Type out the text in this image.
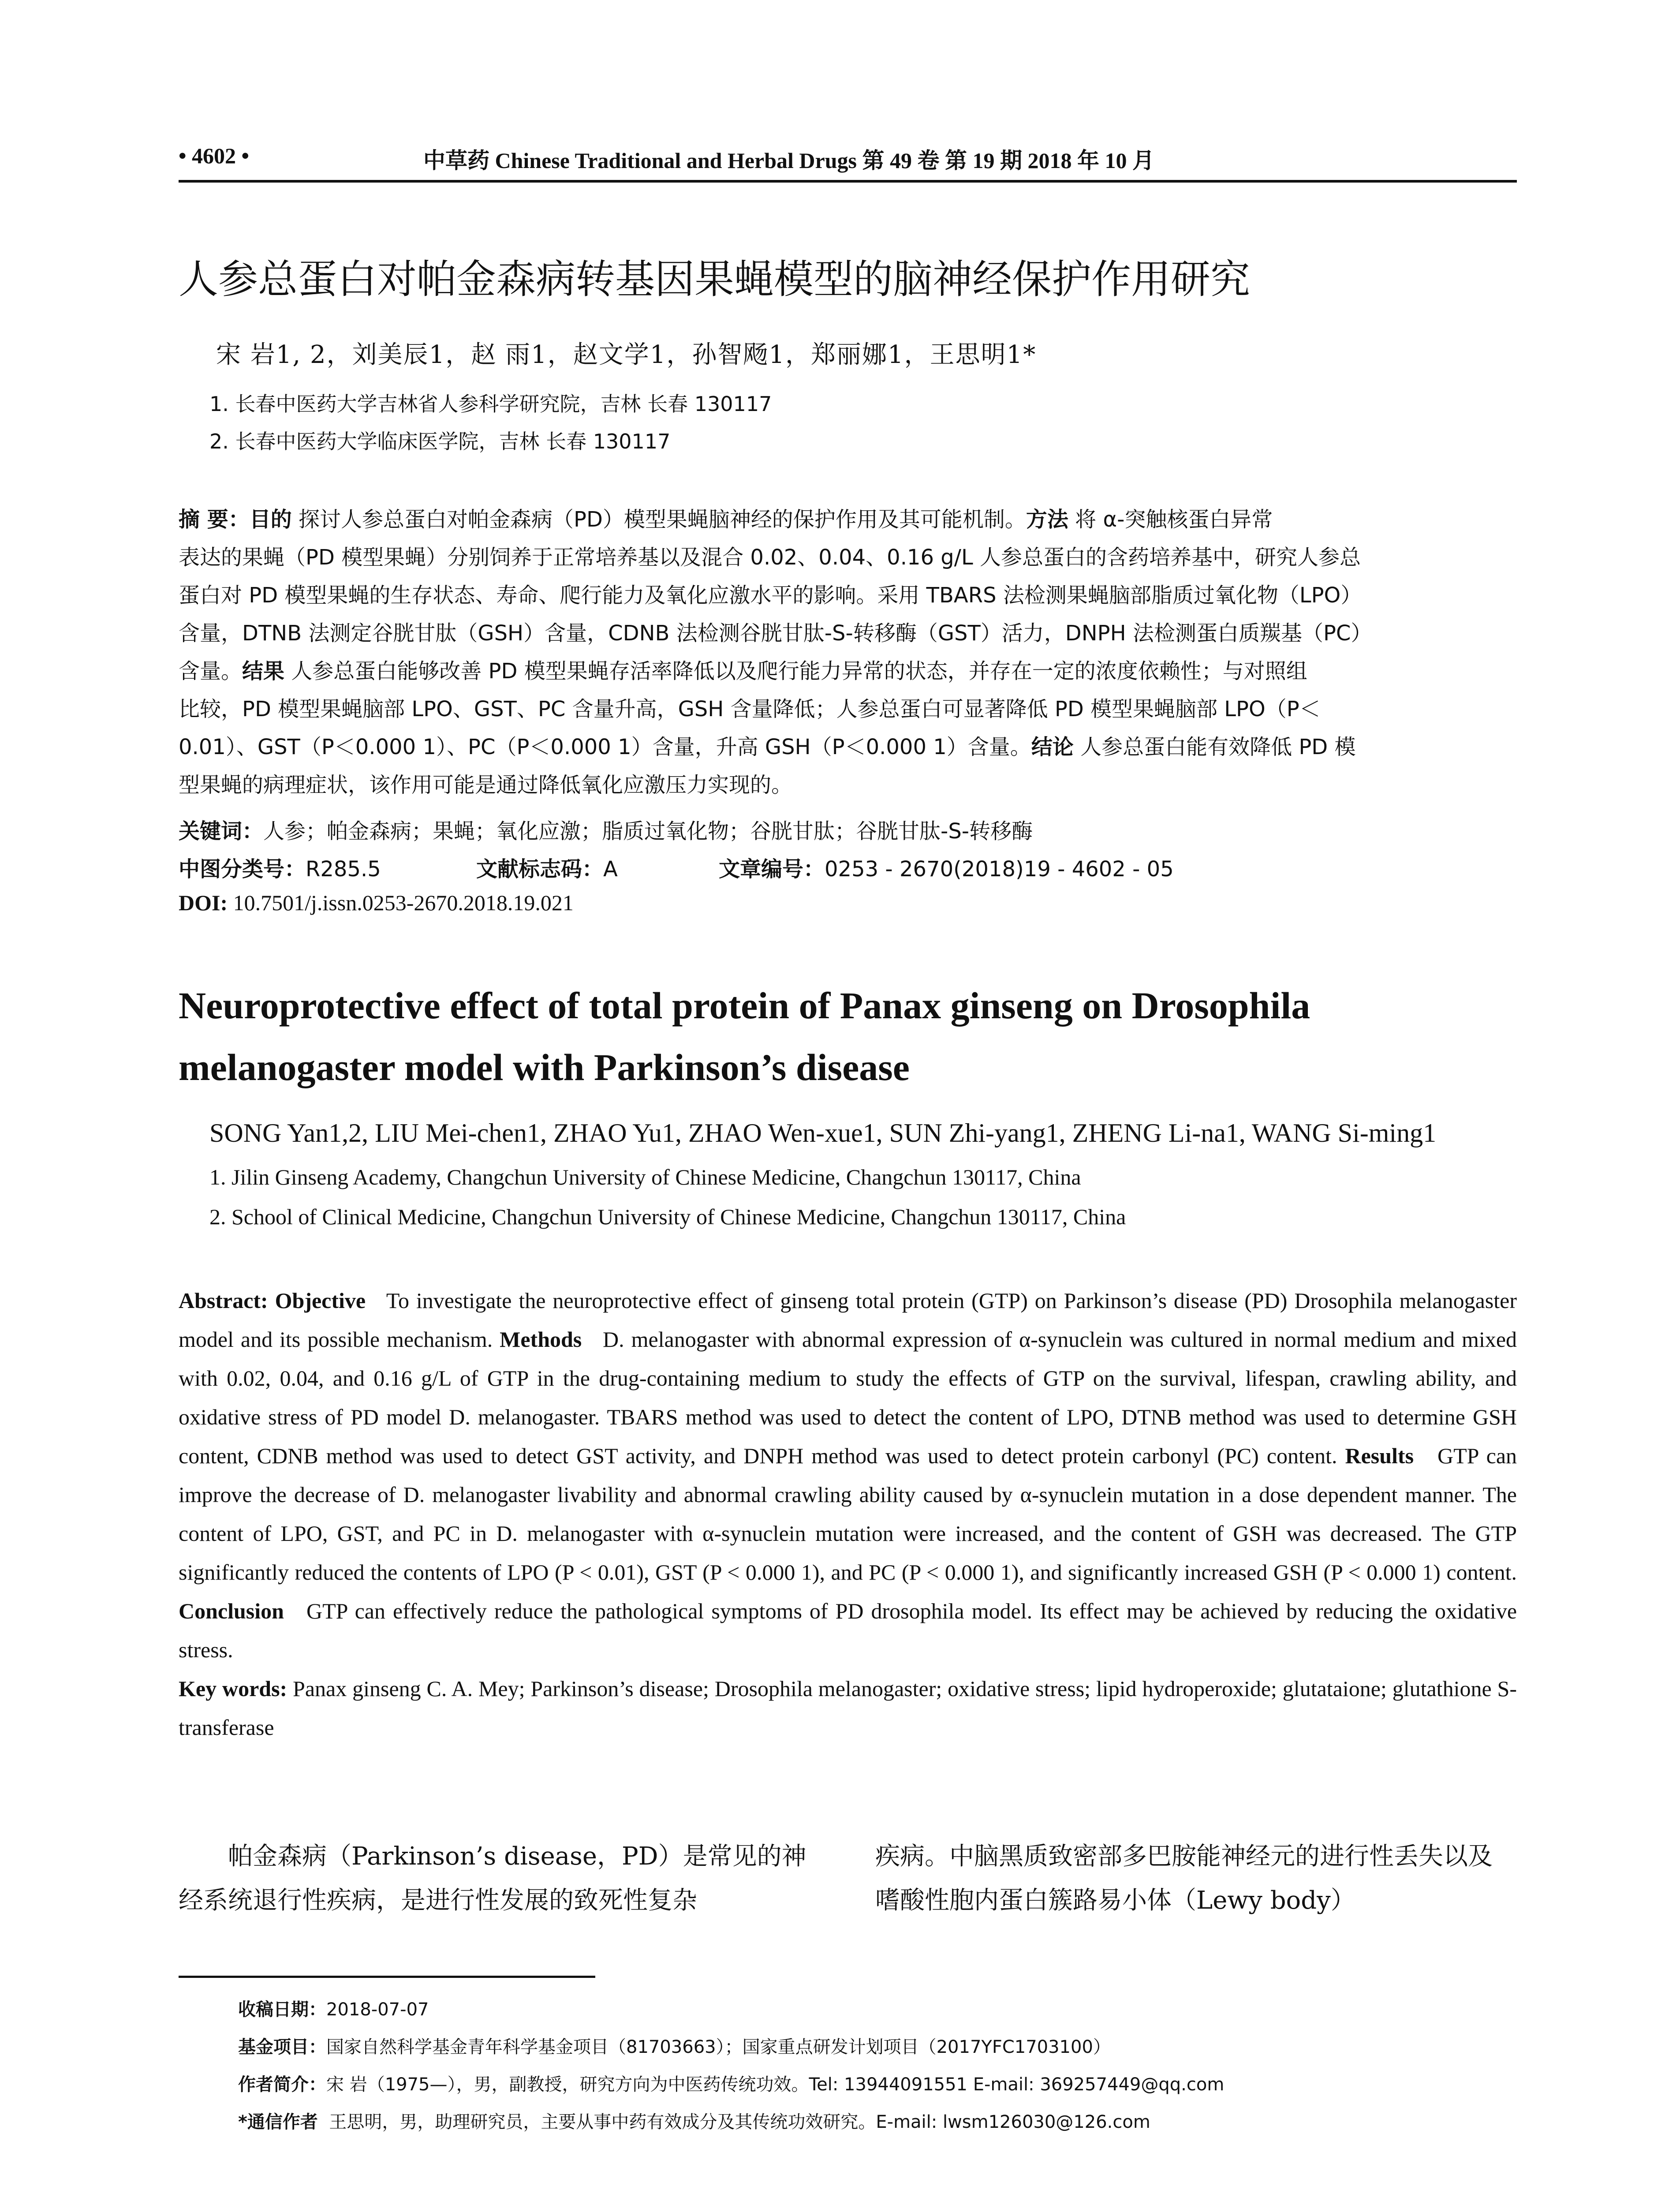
• 4602 •	中草药 Chinese Traditional and Herbal Drugs 第 49 卷 第 19 期 2018 年 10 月
人参总蛋白对帕金森病转基因果蝇模型的脑神经保护作用研究
宋 岩1, 2，刘美辰1，赵 雨1，赵文学1，孙智飏1，郑丽娜1，王思明1*
1. 长春中医药大学吉林省人参科学研究院，吉林 长春 130117
2. 长春中医药大学临床医学院，吉林 长春 130117
摘 要：目的 探讨人参总蛋白对帕金森病（PD）模型果蝇脑神经的保护作用及其可能机制。方法 将 α-突触核蛋白异常
表达的果蝇（PD 模型果蝇）分别饲养于正常培养基以及混合 0.02、0.04、0.16 g/L 人参总蛋白的含药培养基中，研究人参总
蛋白对 PD 模型果蝇的生存状态、寿命、爬行能力及氧化应激水平的影响。采用 TBARS 法检测果蝇脑部脂质过氧化物（LPO）
含量，DTNB 法测定谷胱甘肽（GSH）含量，CDNB 法检测谷胱甘肽-S-转移酶（GST）活力，DNPH 法检测蛋白质羰基（PC）
含量。结果 人参总蛋白能够改善 PD 模型果蝇存活率降低以及爬行能力异常的状态，并存在一定的浓度依赖性；与对照组
比较，PD 模型果蝇脑部 LPO、GST、PC 含量升高，GSH 含量降低；人参总蛋白可显著降低 PD 模型果蝇脑部 LPO（P＜
0.01）、GST（P＜0.000 1）、PC（P＜0.000 1）含量，升高 GSH（P＜0.000 1）含量。结论 人参总蛋白能有效降低 PD 模
型果蝇的病理症状，该作用可能是通过降低氧化应激压力实现的。
关键词：人参；帕金森病；果蝇；氧化应激；脂质过氧化物；谷胱甘肽；谷胱甘肽-S-转移酶
中图分类号：R285.5	文献标志码：A	文章编号：0253 - 2670(2018)19 - 4602 - 05
DOI: 10.7501/j.issn.0253-2670.2018.19.021
Neuroprotective effect of total protein of Panax ginseng on Drosophila melanogaster model with Parkinson’s disease
SONG Yan1,2, LIU Mei-chen1, ZHAO Yu1, ZHAO Wen-xue1, SUN Zhi-yang1, ZHENG Li-na1, WANG Si-ming1
1. Jilin Ginseng Academy, Changchun University of Chinese Medicine, Changchun 130117, China
2. School of Clinical Medicine, Changchun University of Chinese Medicine, Changchun 130117, China

Abstract: Objective To investigate the neuroprotective effect of ginseng total protein (GTP) on Parkinson’s disease (PD) Drosophila melanogaster model and its possible mechanism. Methods D. melanogaster with abnormal expression of α-synuclein was cultured in normal medium and mixed with 0.02, 0.04, and 0.16 g/L of GTP in the drug-containing medium to study the effects of GTP on the survival, lifespan, crawling ability, and oxidative stress of PD model D. melanogaster. TBARS method was used to detect the content of LPO, DTNB method was used to determine GSH content, CDNB method was used to detect GST activity, and DNPH method was used to detect protein carbonyl (PC) content. Results GTP can improve the decrease of D. melanogaster livability and abnormal crawling ability caused by α-synuclein mutation in a dose dependent manner. The content of LPO, GST, and PC in D. melanogaster with α-synuclein mutation were increased, and the content of GSH was decreased. The GTP significantly reduced the contents of LPO (P < 0.01), GST (P < 0.000 1), and PC (P < 0.000 1), and significantly increased GSH (P < 0.000 1) content. Conclusion GTP can effectively reduce the pathological symptoms of PD drosophila model. Its effect may be achieved by reducing the oxidative stress.

Key words: Panax ginseng C. A. Mey; Parkinson’s disease; Drosophila melanogaster; oxidative stress; lipid hydroperoxide; glutataione; glutathione S-transferase

帕金森病（Parkinson’s disease，PD）是常见的神经系统退行性疾病，是进行性发展的致死性复杂

疾病。中脑黑质致密部多巴胺能神经元的进行性丢失以及嗜酸性胞内蛋白簇路易小体（Lewy body）

收稿日期：2018-07-07
基金项目：国家自然科学基金青年科学基金项目（81703663）；国家重点研发计划项目（2017YFC1703100）
作者简介：宋 岩（1975—），男，副教授，研究方向为中医药传统功效。Tel: 13944091551 E-mail: 369257449@qq.com
*通信作者 王思明，男，助理研究员，主要从事中药有效成分及其传统功效研究。E-mail: lwsm126030@126.com
